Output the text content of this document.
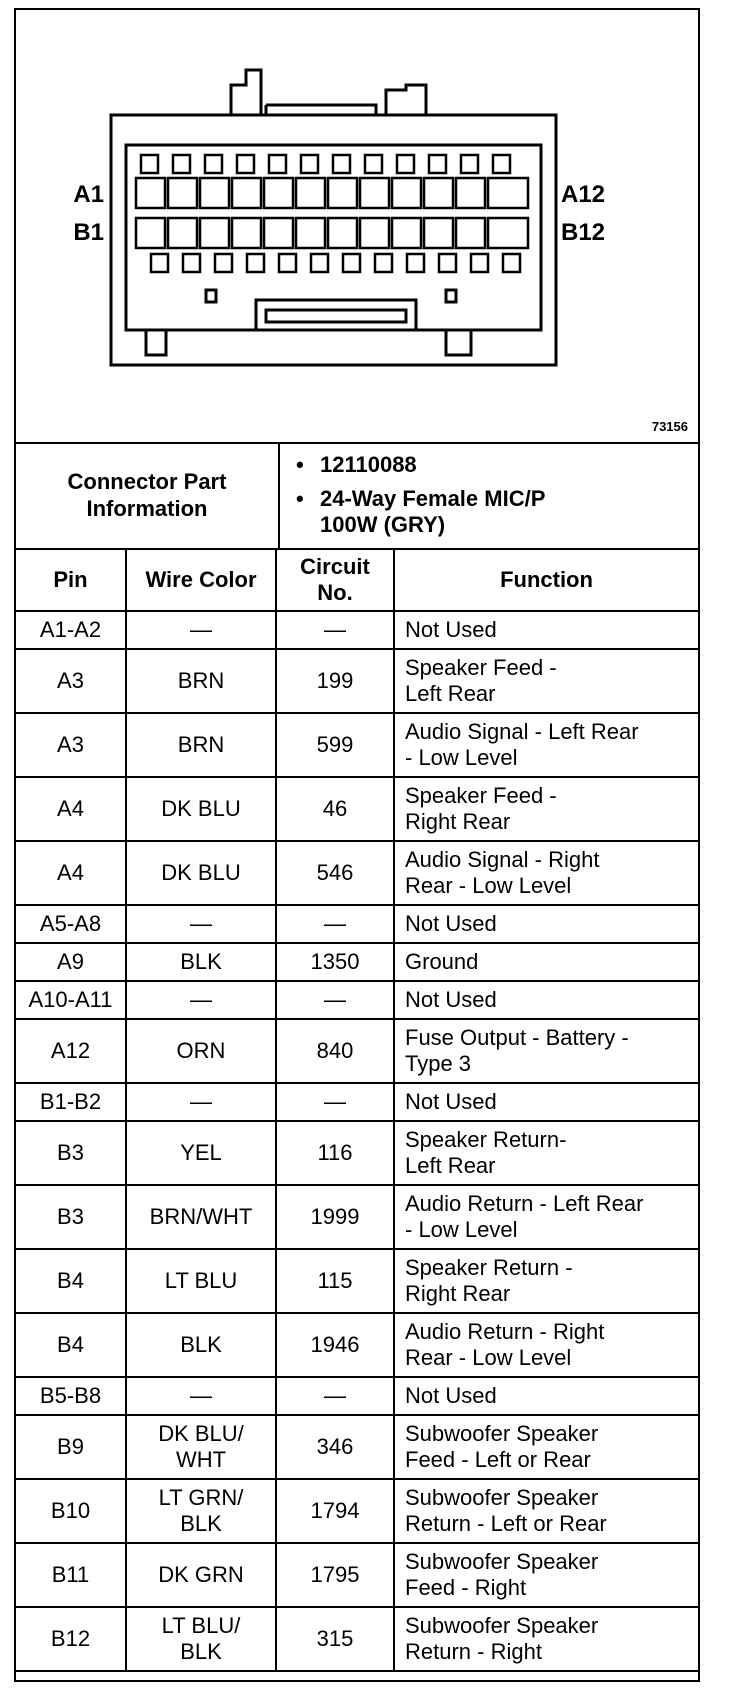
A1
B1
A12
B12
73156
Connector Part
Information
• 12110088
• 24-Way Female MIC/P
100W (GRY)
Pin	Wire Color	Circuit
No.	Function
A1-A2	—	—	Not Used
A3	BRN	199	Speaker Feed -
Left Rear
A3	BRN	599	Audio Signal - Left Rear
- Low Level
A4	DK BLU	46	Speaker Feed -
Right Rear
A4	DK BLU	546	Audio Signal - Right
Rear - Low Level
A5-A8	—	—	Not Used
A9	BLK	1350	Ground
A10-A11	—	—	Not Used
A12	ORN	840	Fuse Output - Battery -
Type 3
B1-B2	—	—	Not Used
B3	YEL	116	Speaker Return-
Left Rear
B3	BRN/WHT	1999	Audio Return - Left Rear
- Low Level
B4	LT BLU	115	Speaker Return -
Right Rear
B4	BLK	1946	Audio Return - Right
Rear - Low Level
B5-B8	—	—	Not Used
B9	DK BLU/
WHT	346	Subwoofer Speaker
Feed - Left or Rear
B10	LT GRN/
BLK	1794	Subwoofer Speaker
Return - Left or Rear
B11	DK GRN	1795	Subwoofer Speaker
Feed - Right
B12	LT BLU/
BLK	315	Subwoofer Speaker
Return - Right
